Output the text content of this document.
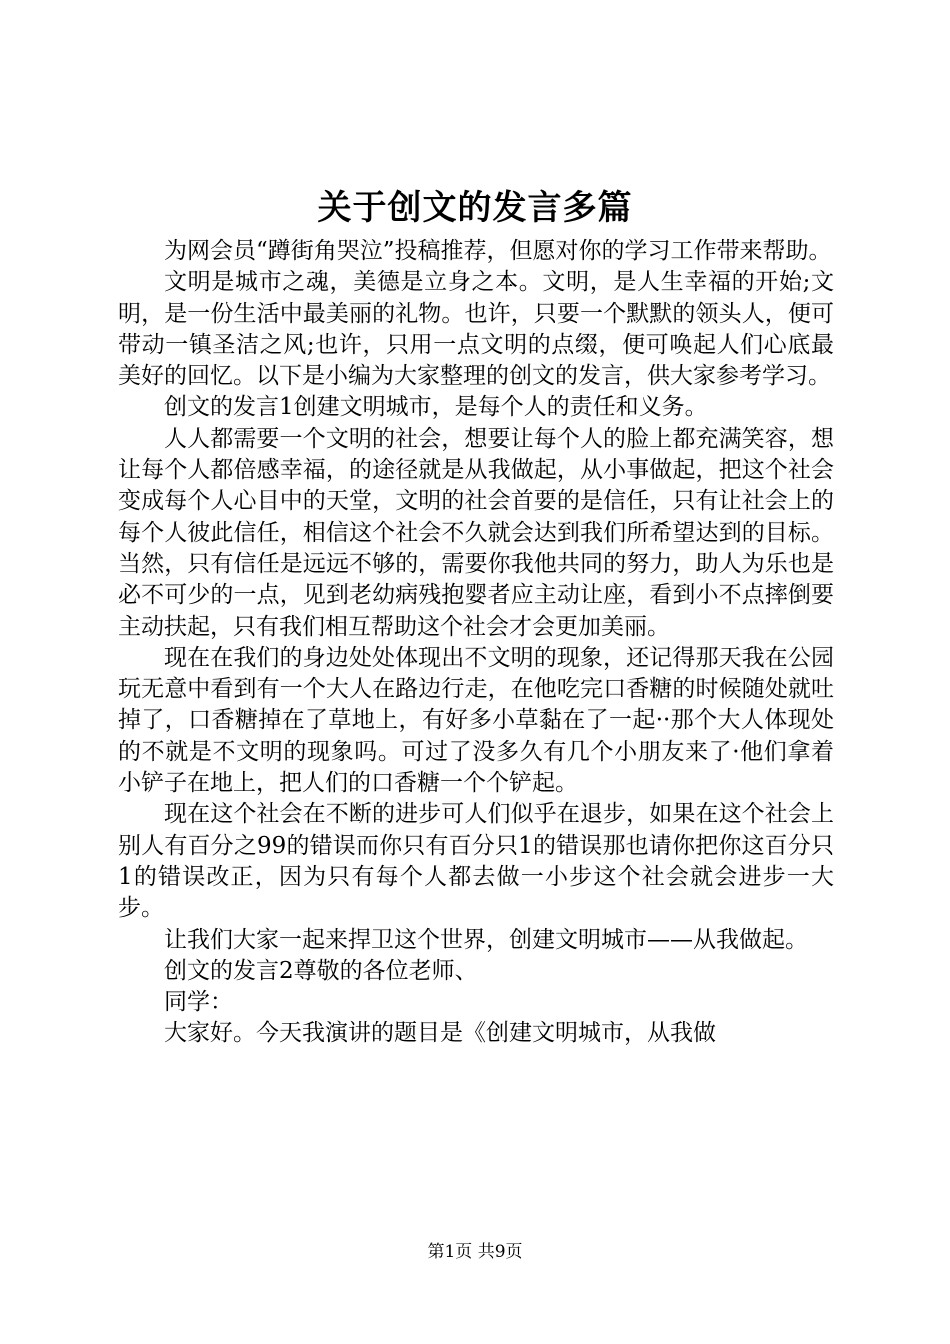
关于创文的发言多篇

为网会员“蹲街角哭泣”投稿推荐，但愿对你的学习工作带来帮助。

文明是城市之魂，美德是立身之本。文明，是人生幸福的开始;文明，是一份生活中最美丽的礼物。也许，只要一个默默的领头人，便可带动一镇圣洁之风;也许，只用一点文明的点缀，便可唤起人们心底最美好的回忆。以下是小编为大家整理的创文的发言，供大家参考学习。

创文的发言1创建文明城市，是每个人的责任和义务。

人人都需要一个文明的社会，想要让每个人的脸上都充满笑容，想让每个人都倍感幸福，的途径就是从我做起，从小事做起，把这个社会变成每个人心目中的天堂，文明的社会首要的是信任，只有让社会上的每个人彼此信任，相信这个社会不久就会达到我们所希望达到的目标。当然，只有信任是远远不够的，需要你我他共同的努力，助人为乐也是必不可少的一点，见到老幼病残抱婴者应主动让座，看到小不点摔倒要主动扶起，只有我们相互帮助这个社会才会更加美丽。

现在在我们的身边处处体现出不文明的现象，还记得那天我在公园玩无意中看到有一个大人在路边行走，在他吃完口香糖的时候随处就吐掉了，口香糖掉在了草地上，有好多小草黏在了一起··那个大人体现处的不就是不文明的现象吗。可过了没多久有几个小朋友来了·他们拿着小铲子在地上，把人们的口香糖一个个铲起。

现在这个社会在不断的进步可人们似乎在退步，如果在这个社会上别人有百分之99的错误而你只有百分只1的错误那也请你把你这百分只1的错误改正，因为只有每个人都去做一小步这个社会就会进步一大步。

让我们大家一起来捍卫这个世界，创建文明城市——从我做起。

创文的发言2尊敬的各位老师、

同学：

大家好。今天我演讲的题目是《创建文明城市，从我做

第1页 共9页
